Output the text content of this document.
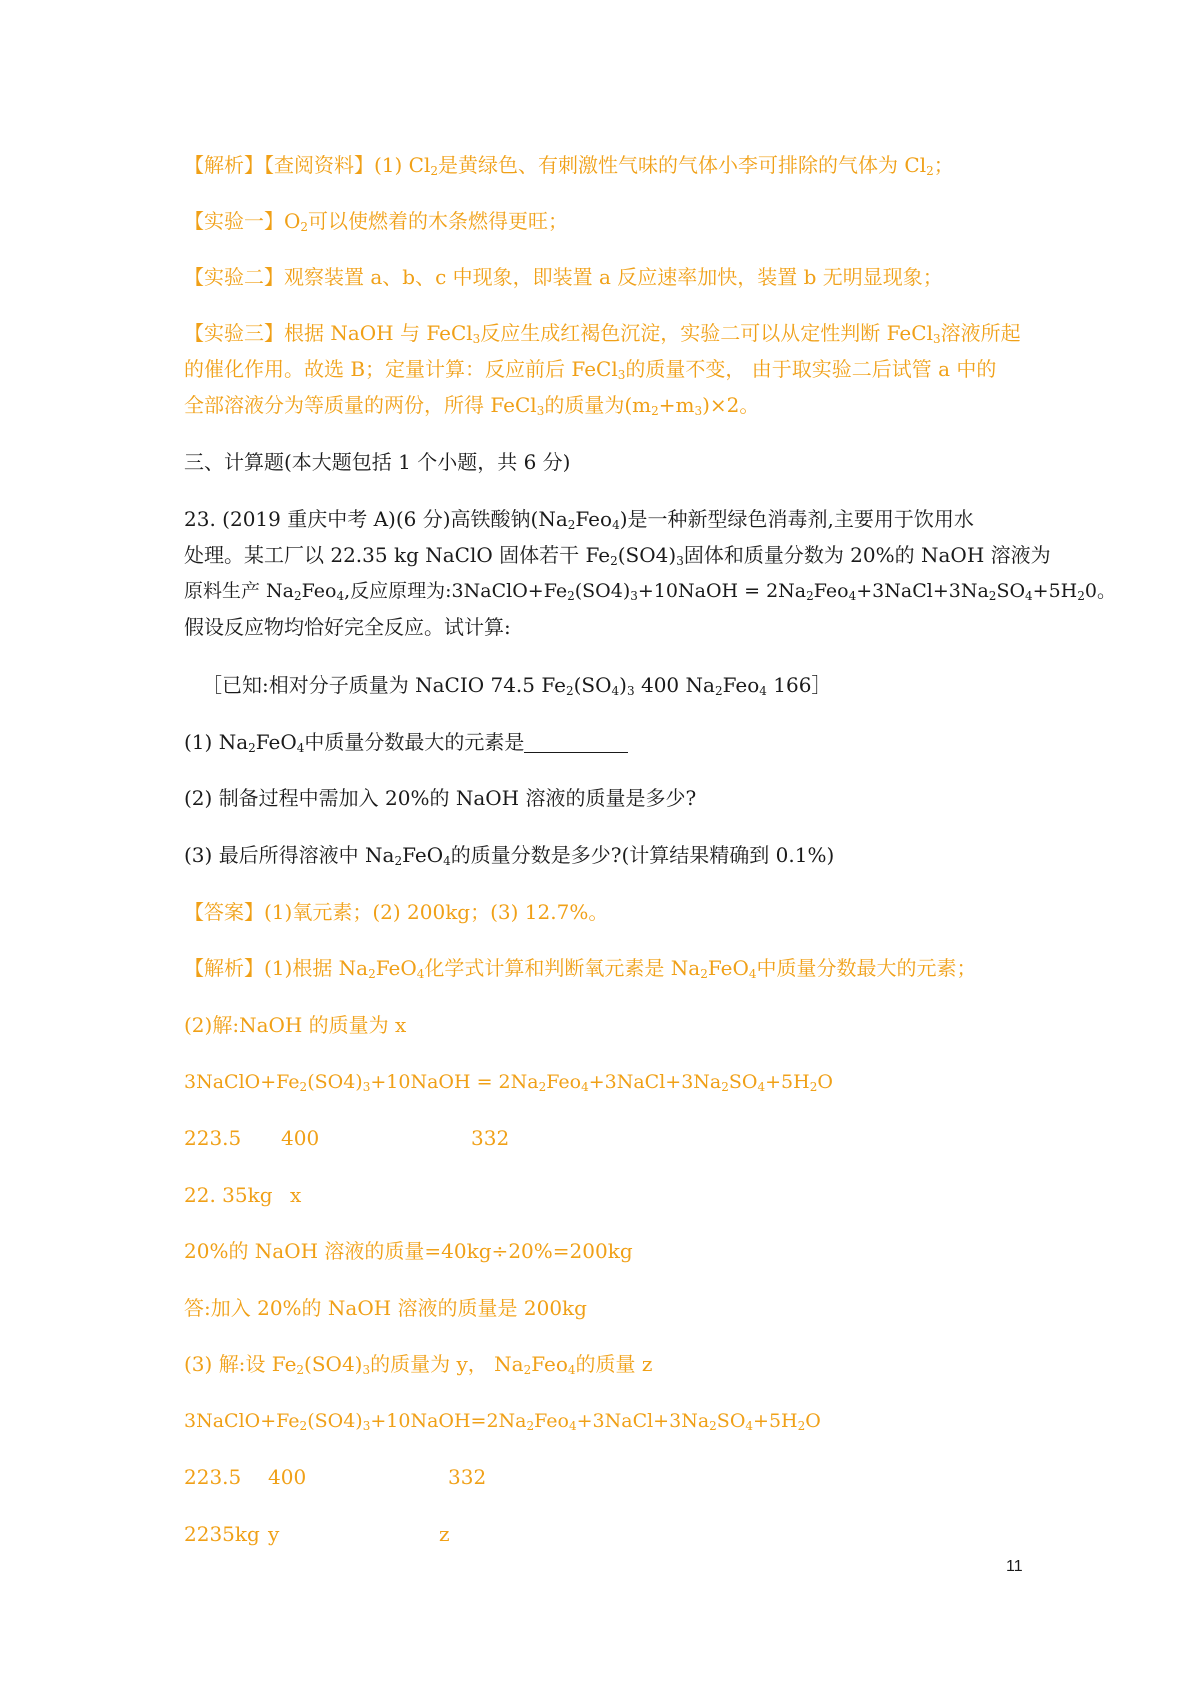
【解析】【查阅资料】(1) $Cl_2$是黄绿色、有刺激性气味的气体小李可排除的气体为 $Cl_2$；
【实验一】$O_2$可以使燃着的木条燃得更旺；
【实验二】观察装置 a、b、c 中现象，即装置 a 反应速率加快，装置 b 无明显现象；
【实验三】根据 NaOH 与 FeCl$_3$反应生成红褐色沉淀，实验二可以从定性判断 FeCl$_3$溶液所起
的催化作用。故选 B；定量计算：反应前后 FeCl$_3$的质量不变， 由于取实验二后试管 a 中的
全部溶液分为等质量的两份，所得 FeCl$_3$的质量为$(m_2+m_3)\times 2$。
三、计算题(本大题包括 1 个小题，共 6 分)
23. (2019 重庆中考 A)(6 分)高铁酸钠$(Na_2Feo_4)$是一种新型绿色消毒剂,主要用于饮用水
处理。某工厂以 22.35 kg NaClO 固体若干 $Fe_2(SO4)_3$固体和质量分数为 20%的 NaOH 溶液为
原料生产 $Na_2Feo_4$,反应原理为$:3NaClO+Fe_2(SO4)_3+10NaOH$ = $2Na_2Feo_4+3NaCl+3Na_2SO_4+5H_20$。
假设反应物均恰好完全反应。试计算:
［已知:相对分子质量为 NaCIO 74.5 $Fe_2(SO_4)_3$ 400 $Na_2Feo_4$ 166］
(1) $Na_2FeO_4$中质量分数最大的元素是
(2) 制备过程中需加入 20%的 NaOH 溶液的质量是多少?
(3) 最后所得溶液中 $Na_2FeO_4$的质量分数是多少?(计算结果精确到 0.1%)
【答案】(1)氧元素；(2) 200kg；(3) 12.7%。
【解析】(1)根据 $Na_2FeO_4$化学式计算和判断氧元素是 $Na_2FeO_4$中质量分数最大的元素；
(2)解:NaOH 的质量为 x
$3NaClO+Fe_2(SO4)_3+10NaOH$ = $2Na_2Feo_4+3NaCl+3Na_2SO_4+5H_2O$
223.5 400	332
22. 35kg x
20%的 NaOH 溶液的质量=40kg÷20%=200kg
答:加入 20%的 NaOH 溶液的质量是 200kg
(3) 解:设 $Fe_2(SO4)_3$的质量为 y， $Na_2Feo_4$的质量 z
$3NaClO+Fe_2(SO4)_3+10NaOH=2Na_2Feo_4+3NaCl+3Na_2SO_4+5H_2O$
223.5 400	332
2235kg y	z
11
